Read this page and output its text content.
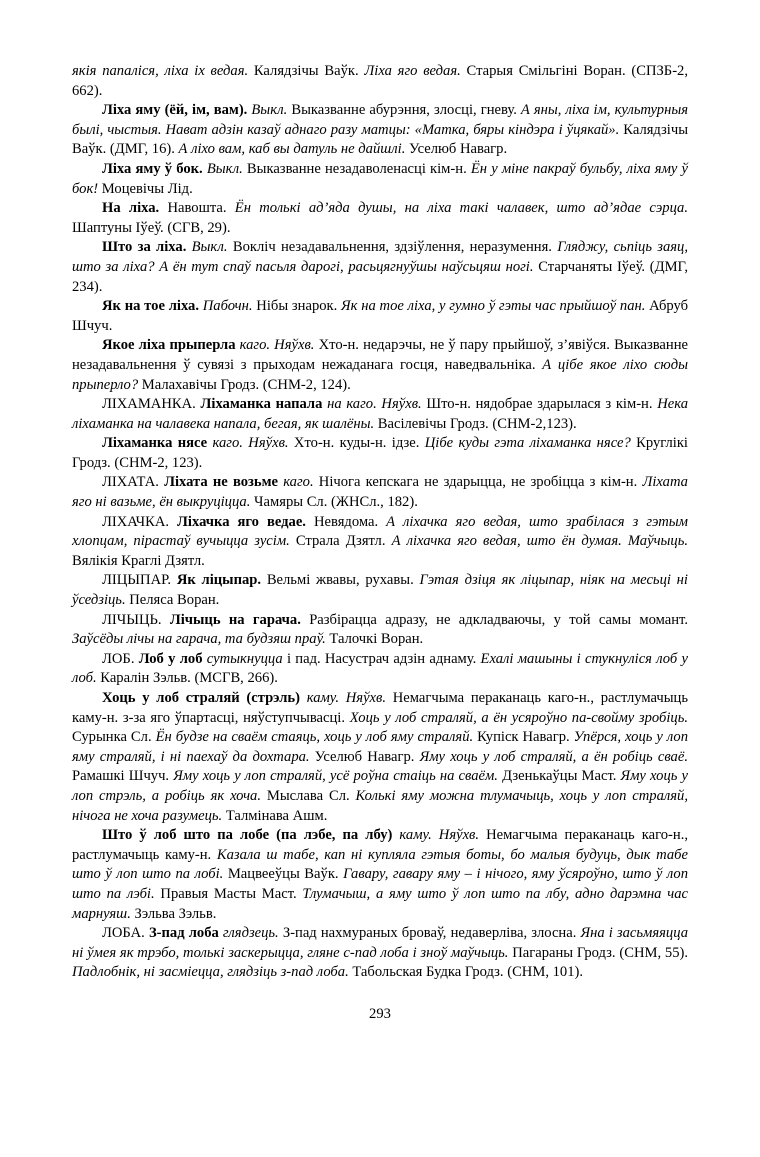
якія папаліся, ліха іх ведая. Калядзічы Ваўк. Ліха яго ведая. Старыя Смільгіні Воран. (СПЗБ-2, 662).

Ліха яму (ёй, ім, вам). Выкл. Выказванне абурэння, злосці, гневу. А яны, ліха ім, культурныя былі, чыстыя. Нават адзін казаў аднаго разу матцы: «Матка, бяры кіндэра і ўцякай». Калядзічы Ваўк. (ДМГ, 16). А ліхо вам, каб вы датуль не дайшлі. Уселюб Навагр.

Ліха яму ў бок. Выкл. Выказванне незадаволенасці кім-н. Ён у міне пакраў бульбу, ліха яму ў бок! Моцевічы Лід.

На ліха. Навошта. Ён толькі ад’яда душы, на ліха такі чалавек, што ад’ядае сэрца. Шаптуны Іўеў. (СГВ, 29).

Што за ліха. Выкл. Вокліч незадавальнення, здзіўлення, неразумення. Гляджу, сьпіць заяц, што за ліха? А ён тут спаў пасьля дарогі, расьцягнуўшы наўсьцяш ногі. Старчаняты Іўеў. (ДМГ, 234).

Як на тое ліха. Пабочн. Нібы знарок. Як на тое ліха, у гумно ў гэты час прыйшоў пан. Абруб Шчуч.

Якое ліха прыперла каго. Няўхв. Хто-н. недарэчы, не ў пару прыйшоў, з’явіўся. Выказванне незадавальнення ў сувязі з прыходам нежаданага госця, наведвальніка. А цібе якое ліхо сюды прыперло? Малахавічы Гродз. (СНМ-2, 124).

ЛІХАМАНКА. Ліхаманка напала на каго. Няўхв. Што-н. нядобрае здарылася з кім-н. Нека ліхаманка на чалавека напала, бегая, як шалёны. Васілевічы Гродз. (СНМ-2,123).

Ліхаманка нясе каго. Няўхв. Хто-н. куды-н. ідзе. Цібе куды гэта ліхаманка нясе? Круглікі Гродз. (СНМ-2, 123).

ЛІХАТА. Ліхата не возьме каго. Нічога кепскага не здарыцца, не зробіцца з кім-н. Ліхата яго ні вазьме, ён выкруціцца. Чамяры Сл. (ЖНСл., 182).

ЛІХАЧКА. Ліхачка яго ведае. Невядома. А ліхачка яго ведая, што зрабілася з гэтым хлопцам, пірастаў вучыцца зусім. Страла Дзятл. А ліхачка яго ведая, што ён думая. Маўчыць. Вялікія Краглі Дзятл.

ЛІЦЫПАР. Як ліцыпар. Вельмі жвавы, рухавы. Гэтая дзіця як ліцыпар, ніяк на месьці ні ўседзіць. Пеляса Воран.

ЛІЧЫЦЬ. Лічыць на гарача. Разбірацца адразу, не адкладваючы, у той самы момант. Заўсёды лічы на гарача, та будзяш праў. Талочкі Воран.

ЛОБ. Лоб у лоб сутыкнуцца і пад. Насустрач адзін аднаму. Ехалі машыны і стукнуліся лоб у лоб. Каралін Зэльв. (МСГВ, 266).

Хоць у лоб страляй (стрэль) каму. Няўхв. Немагчыма пераканаць каго-н., растлумачыць каму-н. з-за яго ўпартасці, няўступчывасці. Хоць у лоб страляй, а ён усяроўно па-свойму зробіць. Сурынка Сл. Ён будзе на сваём стаяць, хоць у лоб яму страляй. Купіск Навагр. Упёрся, хоць у лоп яму страляй, і ні паехаў да дохтара. Уселюб Навагр. Яму хоць у лоб страляй, а ён робіць сваё. Рамашкі Шчуч. Яму хоць у лоп страляй, усё роўна стаіць на сваём. Дзенькаўцы Маст. Яму хоць у лоп стрэль, а робіць як хоча. Мыслава Сл. Колькі яму можна тлумачыць, хоць у лоп страляй, нічога не хоча разумець. Талмінава Ашм.

Што ў лоб што па лобе (па лэбе, па лбу) каму. Няўхв. Немагчыма пераканаць каго-н., растлумачыць каму-н. Казала ш табе, кап ні купляла гэтыя боты, бо малыя будуць, дык табе што ў лоп што па лобі. Мацвееўцы Ваўк. Гавару, гавару яму – і нічого, яму ўсяроўно, што ў лоп што па лэбі. Правыя Масты Маст. Тлумачыш, а яму што ў лоп што па лбу, адно дарэмна час марнуяш. Зэльва Зэльв.

ЛОБА. З-пад лоба глядзець. З-пад нахмураных броваў, недаверліва, злосна. Яна і засьмяяцца ні ўмея як трэбо, толькі заскерыцца, гляне с-пад лоба і зноў маўчыць. Пагараны Гродз. (СНМ, 55). Падлобнік, ні засміецца, глядзіць з-пад лоба. Табольская Будка Гродз. (СНМ, 101).

293
